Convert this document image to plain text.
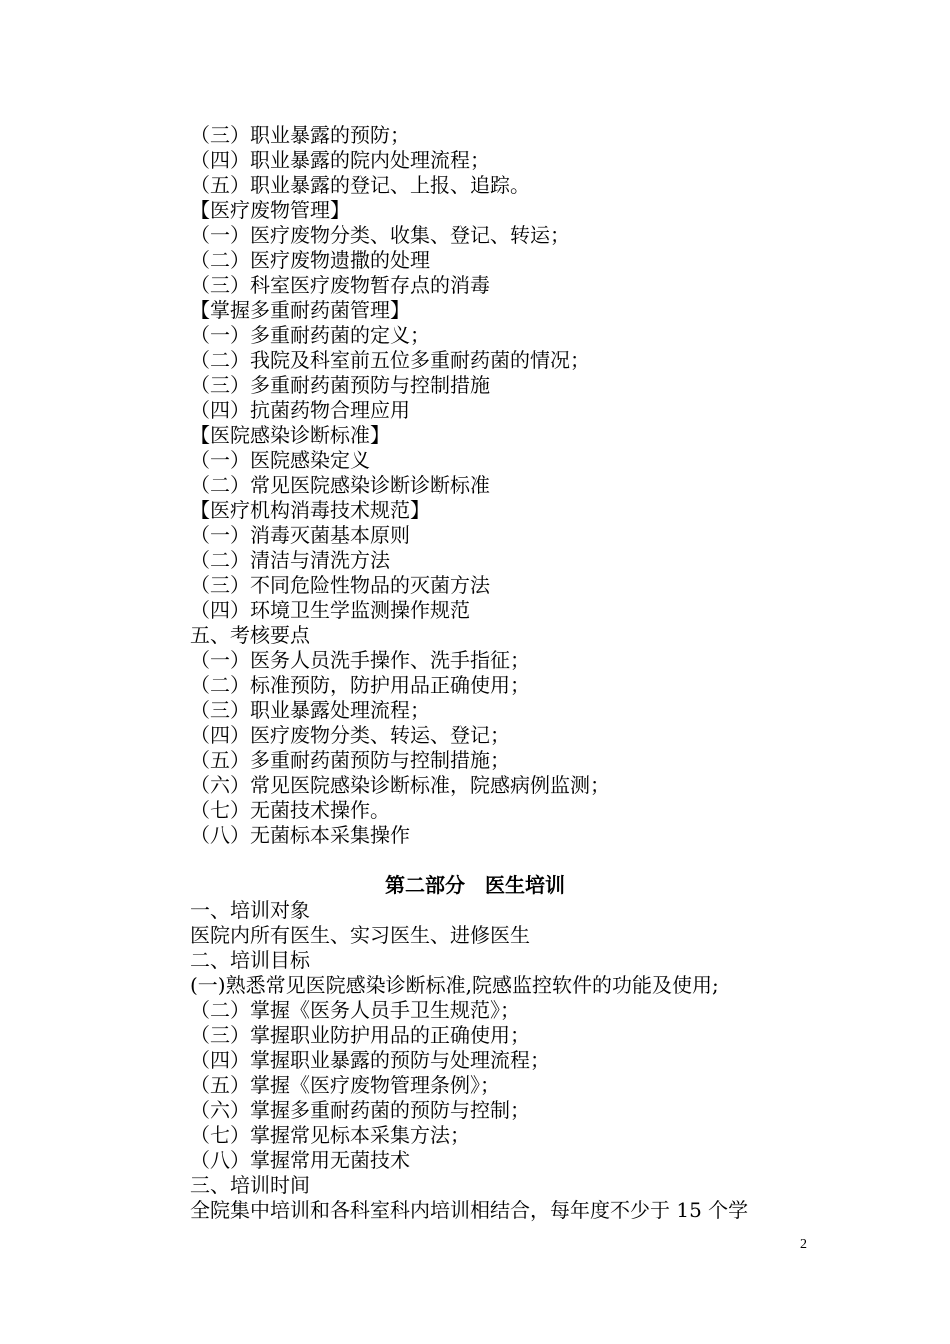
（三）职业暴露的预防；
（四）职业暴露的院内处理流程；
（五）职业暴露的登记、上报、追踪。
【医疗废物管理】
（一）医疗废物分类、收集、登记、转运；
（二）医疗废物遗撒的处理
（三）科室医疗废物暂存点的消毒
【掌握多重耐药菌管理】
（一）多重耐药菌的定义；
（二）我院及科室前五位多重耐药菌的情况；
（三）多重耐药菌预防与控制措施
（四）抗菌药物合理应用
【医院感染诊断标准】
（一）医院感染定义
（二）常见医院感染诊断诊断标准
【医疗机构消毒技术规范】
（一）消毒灭菌基本原则
（二）清洁与清洗方法
（三）不同危险性物品的灭菌方法
（四）环境卫生学监测操作规范
五、考核要点
（一）医务人员洗手操作、洗手指征；
（二）标准预防，防护用品正确使用；
（三）职业暴露处理流程；
（四）医疗废物分类、转运、登记；
（五）多重耐药菌预防与控制措施；
（六）常见医院感染诊断标准，院感病例监测；
（七）无菌技术操作。
（八）无菌标本采集操作
第二部分　医生培训
一、培训对象
医院内所有医生、实习医生、进修医生
二、培训目标
(一)熟悉常见医院感染诊断标准,院感监控软件的功能及使用;
（二）掌握《医务人员手卫生规范》；
（三）掌握职业防护用品的正确使用；
（四）掌握职业暴露的预防与处理流程；
（五）掌握《医疗废物管理条例》；
（六）掌握多重耐药菌的预防与控制；
（七）掌握常见标本采集方法；
（八）掌握常用无菌技术
三、培训时间
全院集中培训和各科室科内培训相结合，每年度不少于 15 个学
2
